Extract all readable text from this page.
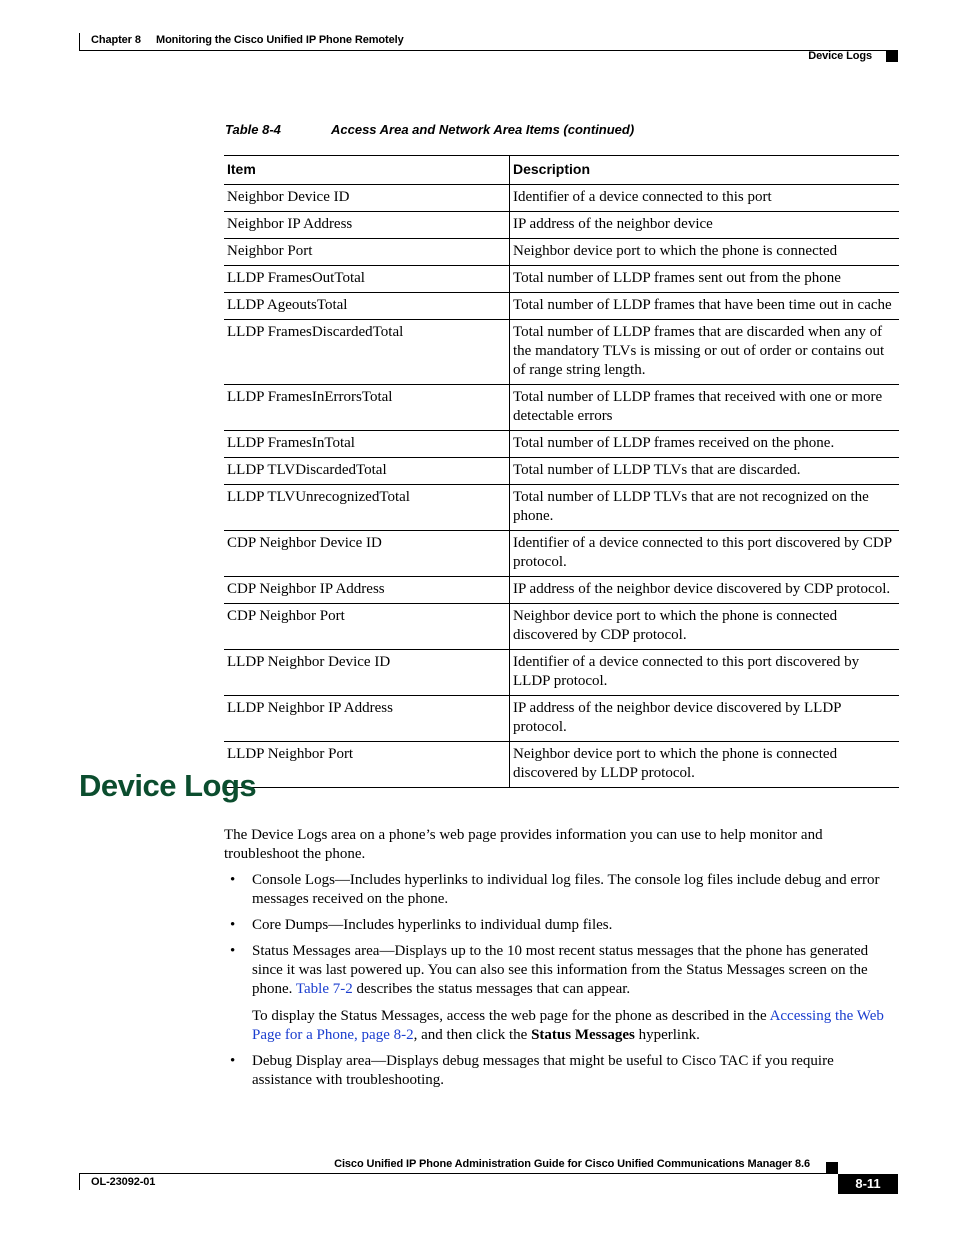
Chapter 8 Monitoring the Cisco Unified IP Phone Remotely
Device Logs
Table 8-4	Access Area and Network Area Items (continued)
Item	Description
Neighbor Device ID	Identifier of a device connected to this port
Neighbor IP Address	IP address of the neighbor device
Neighbor Port	Neighbor device port to which the phone is connected
LLDP FramesOutTotal	Total number of LLDP frames sent out from the phone
LLDP AgeoutsTotal	Total number of LLDP frames that have been time out in cache
LLDP FramesDiscardedTotal	Total number of LLDP frames that are discarded when any of the mandatory TLVs is missing or out of order or contains out of range string length.
LLDP FramesInErrorsTotal	Total number of LLDP frames that received with one or more detectable errors
LLDP FramesInTotal	Total number of LLDP frames received on the phone.
LLDP TLVDiscardedTotal	Total number of LLDP TLVs that are discarded.
LLDP TLVUnrecognizedTotal	Total number of LLDP TLVs that are not recognized on the phone.
CDP Neighbor Device ID	Identifier of a device connected to this port discovered by CDP protocol.
CDP Neighbor IP Address	IP address of the neighbor device discovered by CDP protocol.
CDP Neighbor Port	Neighbor device port to which the phone is connected discovered by CDP protocol.
LLDP Neighbor Device ID	Identifier of a device connected to this port discovered by LLDP protocol.
LLDP Neighbor IP Address	IP address of the neighbor device discovered by LLDP protocol.
LLDP Neighbor Port	Neighbor device port to which the phone is connected discovered by LLDP protocol.
Device Logs
The Device Logs area on a phone’s web page provides information you can use to help monitor and troubleshoot the phone.
• Console Logs—Includes hyperlinks to individual log files. The console log files include debug and error messages received on the phone.
• Core Dumps—Includes hyperlinks to individual dump files.
• Status Messages area—Displays up to the 10 most recent status messages that the phone has generated since it was last powered up. You can also see this information from the Status Messages screen on the phone. Table 7-2 describes the status messages that can appear.

To display the Status Messages, access the web page for the phone as described in the Accessing the Web Page for a Phone, page 8-2, and then click the Status Messages hyperlink.

• Debug Display area—Displays debug messages that might be useful to Cisco TAC if you require assistance with troubleshooting.
Cisco Unified IP Phone Administration Guide for Cisco Unified Communications Manager 8.6
OL-23092-01	8-11
